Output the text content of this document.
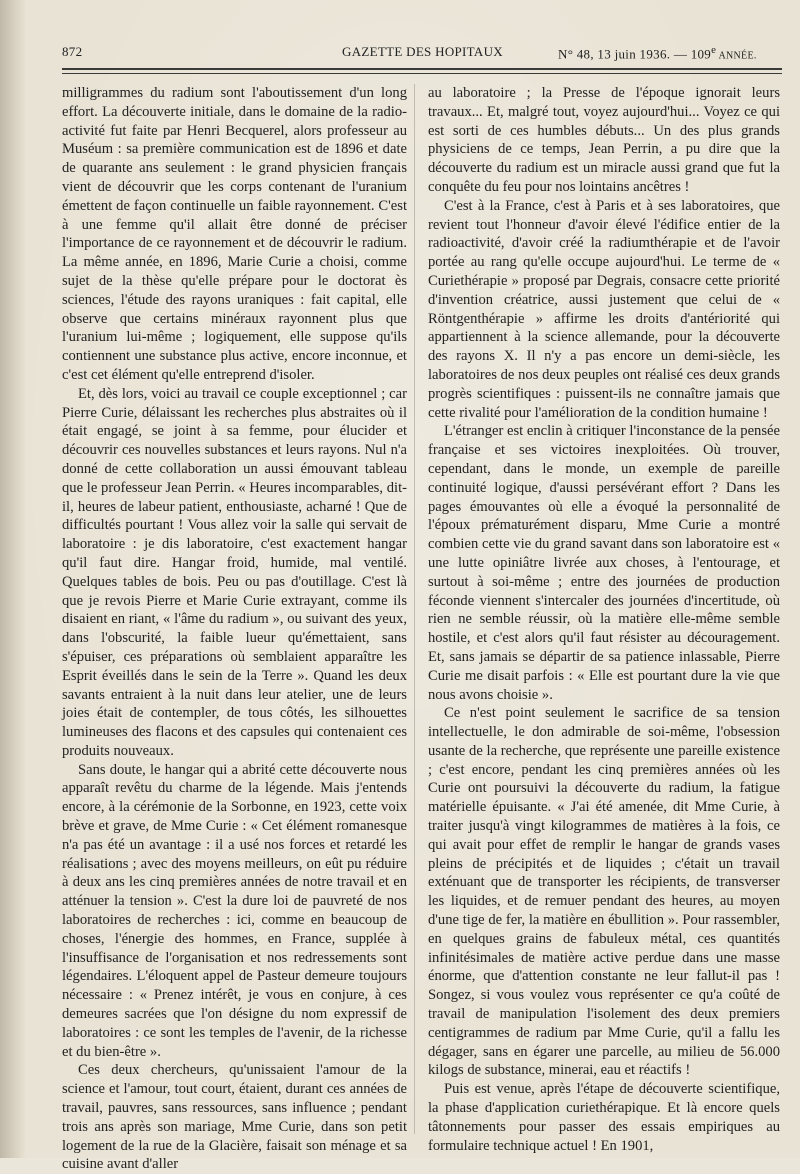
872	GAZETTE DES HOPITAUX	N° 48, 13 juin 1936. — 109e ANNÉE.

milligrammes du radium sont l'aboutissement d'un long effort. La découverte initiale, dans le domaine de la radio-activité fut faite par Henri Becquerel, alors professeur au Muséum : sa première communication est de 1896 et date de quarante ans seulement : le grand physicien français vient de découvrir que les corps contenant de l'uranium émettent de façon continuelle un faible rayonnement. C'est à une femme qu'il allait être donné de préciser l'importance de ce rayonnement et de découvrir le radium. La même année, en 1896, Marie Curie a choisi, comme sujet de la thèse qu'elle prépare pour le doctorat ès sciences, l'étude des rayons uraniques : fait capital, elle observe que certains minéraux rayonnent plus que l'uranium lui-même ; logiquement, elle suppose qu'ils contiennent une substance plus active, encore inconnue, et c'est cet élément qu'elle entreprend d'isoler.

Et, dès lors, voici au travail ce couple exceptionnel ; car Pierre Curie, délaissant les recherches plus abstraites où il était engagé, se joint à sa femme, pour élucider et découvrir ces nouvelles substances et leurs rayons. Nul n'a donné de cette collaboration un aussi émouvant tableau que le professeur Jean Perrin. « Heures incomparables, dit-il, heures de labeur patient, enthousiaste, acharné ! Que de difficultés pourtant ! Vous allez voir la salle qui servait de laboratoire : je dis laboratoire, c'est exactement hangar qu'il faut dire. Hangar froid, humide, mal ventilé. Quelques tables de bois. Peu ou pas d'outillage. C'est là que je revois Pierre et Marie Curie extrayant, comme ils disaient en riant, « l'âme du radium », ou suivant des yeux, dans l'obscurité, la faible lueur qu'émettaient, sans s'épuiser, ces préparations où semblaient apparaître les Esprit éveillés dans le sein de la Terre ». Quand les deux savants entraient à la nuit dans leur atelier, une de leurs joies était de contempler, de tous côtés, les silhouettes lumineuses des flacons et des capsules qui contenaient ces produits nouveaux.

Sans doute, le hangar qui a abrité cette découverte nous apparaît revêtu du charme de la légende. Mais j'entends encore, à la cérémonie de la Sorbonne, en 1923, cette voix brève et grave, de Mme Curie : « Cet élément romanesque n'a pas été un avantage : il a usé nos forces et retardé les réalisations ; avec des moyens meilleurs, on eût pu réduire à deux ans les cinq premières années de notre travail et en atténuer la tension ». C'est la dure loi de pauvreté de nos laboratoires de recherches : ici, comme en beaucoup de choses, l'énergie des hommes, en France, supplée à l'insuffisance de l'organisation et nos redressements sont légendaires. L'éloquent appel de Pasteur demeure toujours nécessaire : « Prenez intérêt, je vous en conjure, à ces demeures sacrées que l'on désigne du nom expressif de laboratoires : ce sont les temples de l'avenir, de la richesse et du bien-être ».

Ces deux chercheurs, qu'unissaient l'amour de la science et l'amour, tout court, étaient, durant ces années de travail, pauvres, sans ressources, sans influence ; pendant trois ans après son mariage, Mme Curie, dans son petit logement de la rue de la Glacière, faisait son ménage et sa cuisine avant d'aller

au laboratoire ; la Presse de l'époque ignorait leurs travaux... Et, malgré tout, voyez aujourd'hui... Voyez ce qui est sorti de ces humbles débuts... Un des plus grands physiciens de ce temps, Jean Perrin, a pu dire que la découverte du radium est un miracle aussi grand que fut la conquête du feu pour nos lointains ancêtres !

C'est à la France, c'est à Paris et à ses laboratoires, que revient tout l'honneur d'avoir élevé l'édifice entier de la radioactivité, d'avoir créé la radiumthérapie et de l'avoir portée au rang qu'elle occupe aujourd'hui. Le terme de « Curiethérapie » proposé par Degrais, consacre cette priorité d'invention créatrice, aussi justement que celui de « Röntgenthérapie » affirme les droits d'antériorité qui appartiennent à la science allemande, pour la découverte des rayons X. Il n'y a pas encore un demi-siècle, les laboratoires de nos deux peuples ont réalisé ces deux grands progrès scientifiques : puissent-ils ne connaître jamais que cette rivalité pour l'amélioration de la condition humaine !

L'étranger est enclin à critiquer l'inconstance de la pensée française et ses victoires inexploitées. Où trouver, cependant, dans le monde, un exemple de pareille continuité logique, d'aussi persévérant effort ? Dans les pages émouvantes où elle a évoqué la personnalité de l'époux prématurément disparu, Mme Curie a montré combien cette vie du grand savant dans son laboratoire est « une lutte opiniâtre livrée aux choses, à l'entourage, et surtout à soi-même ; entre des journées de production féconde viennent s'intercaler des journées d'incertitude, où rien ne semble réussir, où la matière elle-même semble hostile, et c'est alors qu'il faut résister au découragement. Et, sans jamais se départir de sa patience inlassable, Pierre Curie me disait parfois : « Elle est pourtant dure la vie que nous avons choisie ».

Ce n'est point seulement le sacrifice de sa tension intellectuelle, le don admirable de soi-même, l'obsession usante de la recherche, que représente une pareille existence ; c'est encore, pendant les cinq premières années où les Curie ont poursuivi la découverte du radium, la fatigue matérielle épuisante. « J'ai été amenée, dit Mme Curie, à traiter jusqu'à vingt kilogrammes de matières à la fois, ce qui avait pour effet de remplir le hangar de grands vases pleins de précipités et de liquides ; c'était un travail exténuant que de transporter les récipients, de transverser les liquides, et de remuer pendant des heures, au moyen d'une tige de fer, la matière en ébullition ». Pour rassembler, en quelques grains de fabuleux métal, ces quantités infinitésimales de matière active perdue dans une masse énorme, que d'attention constante ne leur fallut-il pas ! Songez, si vous voulez vous représenter ce qu'a coûté de travail de manipulation l'isolement des deux premiers centigrammes de radium par Mme Curie, qu'il a fallu les dégager, sans en égarer une parcelle, au milieu de 56.000 kilogs de substance, minerai, eau et réactifs !

Puis est venue, après l'étape de découverte scientifique, la phase d'application curiethérapique. Et là encore quels tâtonnements pour passer des essais empiriques au formulaire technique actuel ! En 1901,
